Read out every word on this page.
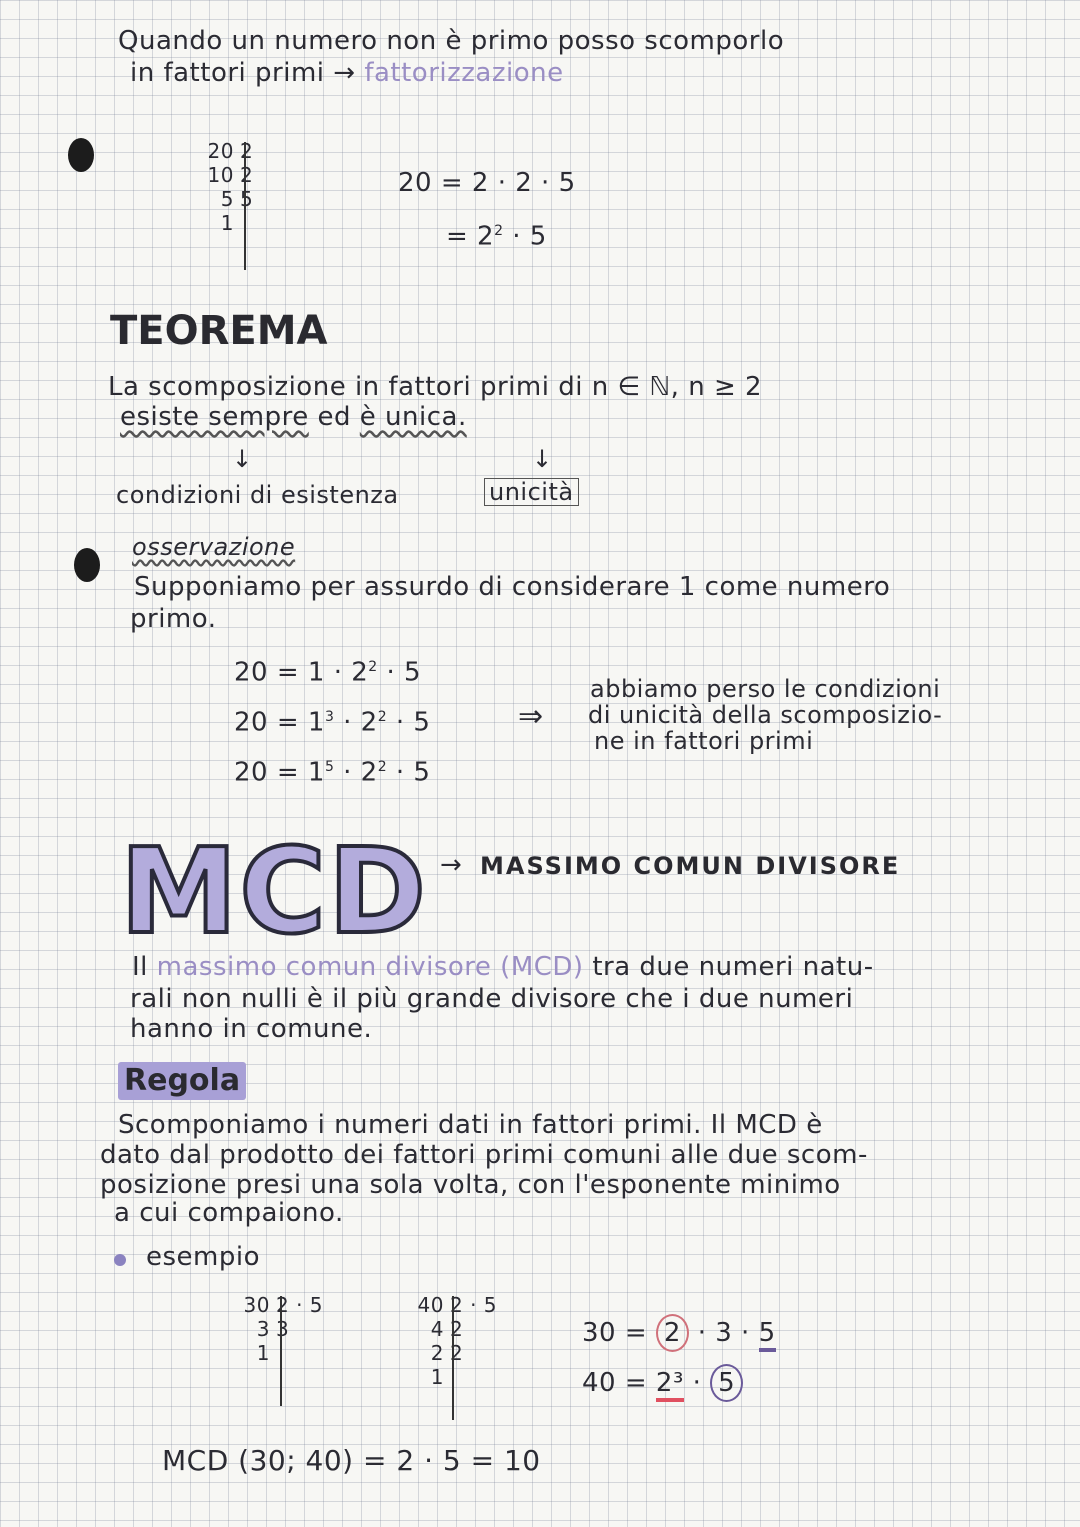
Quando un numero non è primo posso scomporlo
in fattori primi → fattorizzazione
20 2
10 2
5 5
1
20 = 2 · 2 · 5
= $2^2 \cdot 5$
TEOREMA
La scomposizione in fattori primi di n ∈ ℕ, n ≥ 2
esiste sempre ed è unica.
↓	↓
condizioni di esistenza	unicità
osservazione
Supponiamo per assurdo di considerare 1 come numero
primo.
$20 = 1 \cdot 2^2 \cdot 5$
$20 = 1^3 \cdot 2^2 \cdot 5$
$20 = 1^5 \cdot 2^2 \cdot 5$
⇒
abbiamo perso le condizioni
di unicità della scomposizio-
ne in fattori primi
MCD → MASSIMO COMUN DIVISORE
Il massimo comun divisore (MCD) tra due numeri natu-
rali non nulli è il più grande divisore che i due numeri
hanno in comune.
Regola
Scomponiamo i numeri dati in fattori primi. Il MCD è
dato dal prodotto dei fattori primi comuni alle due scom-
posizione presi una sola volta, con l'esponente minimo
a cui compaiono.
esempio
30 2 · 5
3 3
1
40 2 · 5
4 2
2 2
1
30 = 2 · 3 · 5
40 = 2³ · 5
MCD (30; 40) = 2 · 5 = 10
